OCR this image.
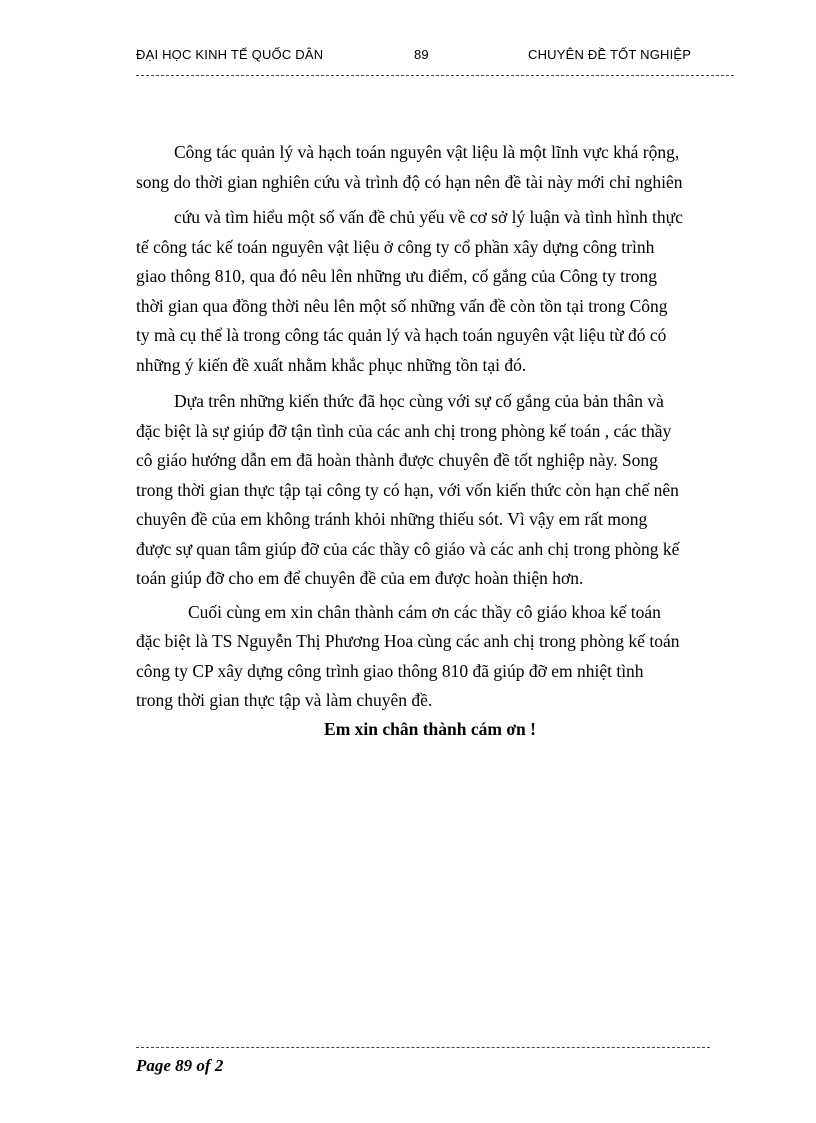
ĐẠI HỌC KINH TẾ QUỐC DÂN	89	CHUYÊN ĐỀ TỐT NGHIỆP

Công tác quản lý và hạch toán nguyên vật liệu là một lĩnh vực khá rộng,
song do thời gian nghiên cứu và trình độ có hạn nên đề tài này mới chỉ nghiên
cứu và tìm hiểu một số vấn đề chủ yếu về cơ sở lý luận và tình hình thực
tế công tác kế toán nguyên vật liệu ở công ty cổ phần xây dựng công trình
giao thông 810, qua đó nêu lên những ưu điểm, cố gắng của Công ty trong
thời gian qua đồng thời nêu lên một số những vấn đề còn tồn tại trong Công
ty mà cụ thể là trong công tác quản lý và hạch toán nguyên vật liệu từ đó có
những ý kiến đề xuất nhằm khắc phục những tồn tại đó.

Dựa trên những kiến thức đã học cùng với sự cố gắng của bản thân và
đặc biệt là sự giúp đỡ tận tình của các anh chị trong phòng kế toán , các thầy
cô giáo hướng dẫn em đã hoàn thành được chuyên đề tốt nghiệp này. Song
trong thời gian thực tập tại công ty có hạn, với vốn kiến thức còn hạn chế nên
chuyên đề của em không tránh khỏi những thiếu sót. Vì vậy em rất mong
được sự quan tâm giúp đỡ của các thầy cô giáo và các anh chị trong phòng kế
toán giúp đỡ cho em để chuyên đề của em được hoàn thiện hơn.

Cuối cùng em xin chân thành cám ơn các thầy cô giáo khoa kế toán
đặc biệt là TS Nguyễn Thị Phương Hoa cùng các anh chị trong phòng kế toán
công ty CP xây dựng công trình giao thông 810 đã giúp đỡ em nhiệt tình
trong thời gian thực tập và làm chuyên đề.

Em xin chân thành cám ơn !
Page 89 of 2
